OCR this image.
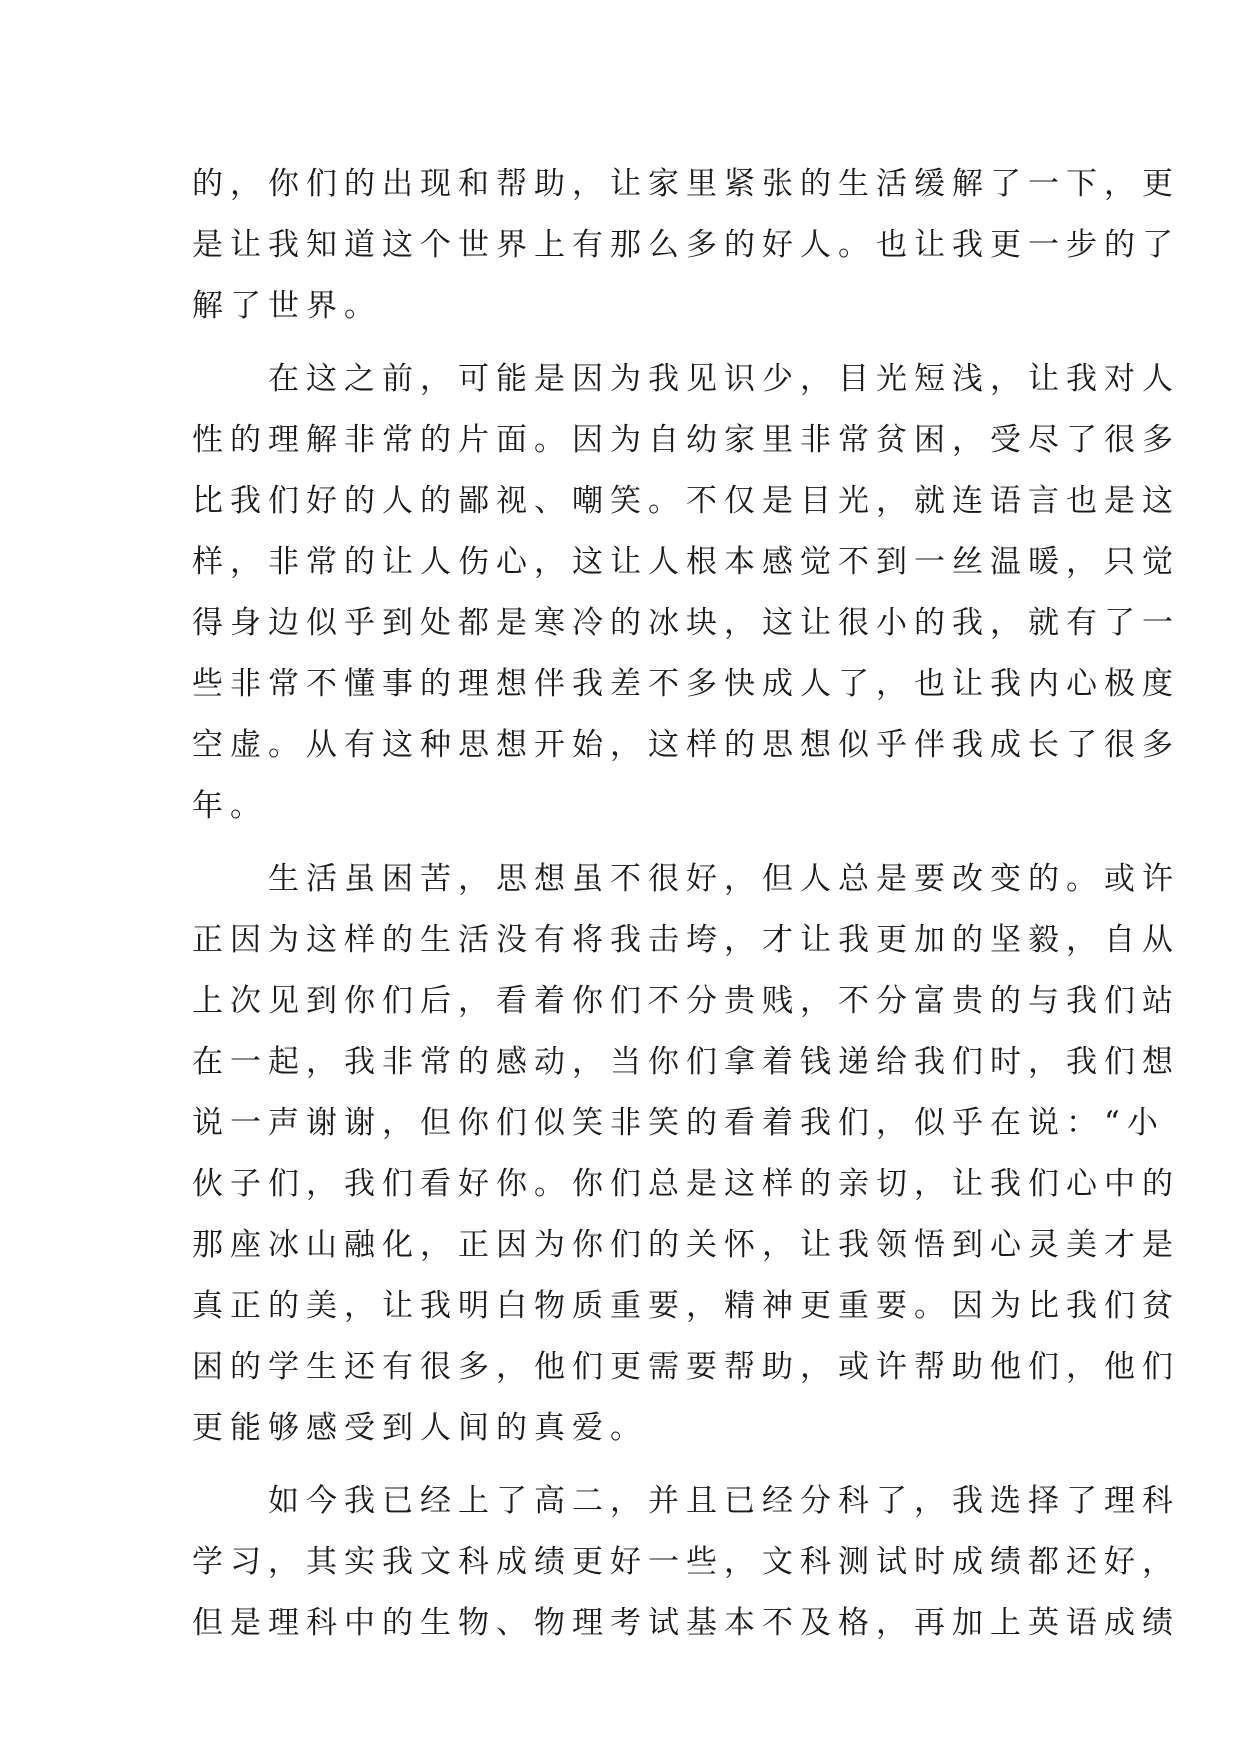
的，你们的出现和帮助，让家里紧张的生活缓解了一下，更
是让我知道这个世界上有那么多的好人。也让我更一步的了
解了世界。
　　在这之前，可能是因为我见识少，目光短浅，让我对人
性的理解非常的片面。因为自幼家里非常贫困，受尽了很多
比我们好的人的鄙视、嘲笑。不仅是目光，就连语言也是这
样，非常的让人伤心，这让人根本感觉不到一丝温暖，只觉
得身边似乎到处都是寒冷的冰块，这让很小的我，就有了一
些非常不懂事的理想伴我差不多快成人了，也让我内心极度
空虚。从有这种思想开始，这样的思想似乎伴我成长了很多
年。
　　生活虽困苦，思想虽不很好，但人总是要改变的。或许
正因为这样的生活没有将我击垮，才让我更加的坚毅，自从
上次见到你们后，看着你们不分贵贱，不分富贵的与我们站
在一起，我非常的感动，当你们拿着钱递给我们时，我们想
说一声谢谢，但你们似笑非笑的看着我们，似乎在说：“小
伙子们，我们看好你。你们总是这样的亲切，让我们心中的
那座冰山融化，正因为你们的关怀，让我领悟到心灵美才是
真正的美，让我明白物质重要，精神更重要。因为比我们贫
困的学生还有很多，他们更需要帮助，或许帮助他们，他们
更能够感受到人间的真爱。
　　如今我已经上了高二，并且已经分科了，我选择了理科
学习，其实我文科成绩更好一些，文科测试时成绩都还好，
但是理科中的生物、物理考试基本不及格，再加上英语成绩
